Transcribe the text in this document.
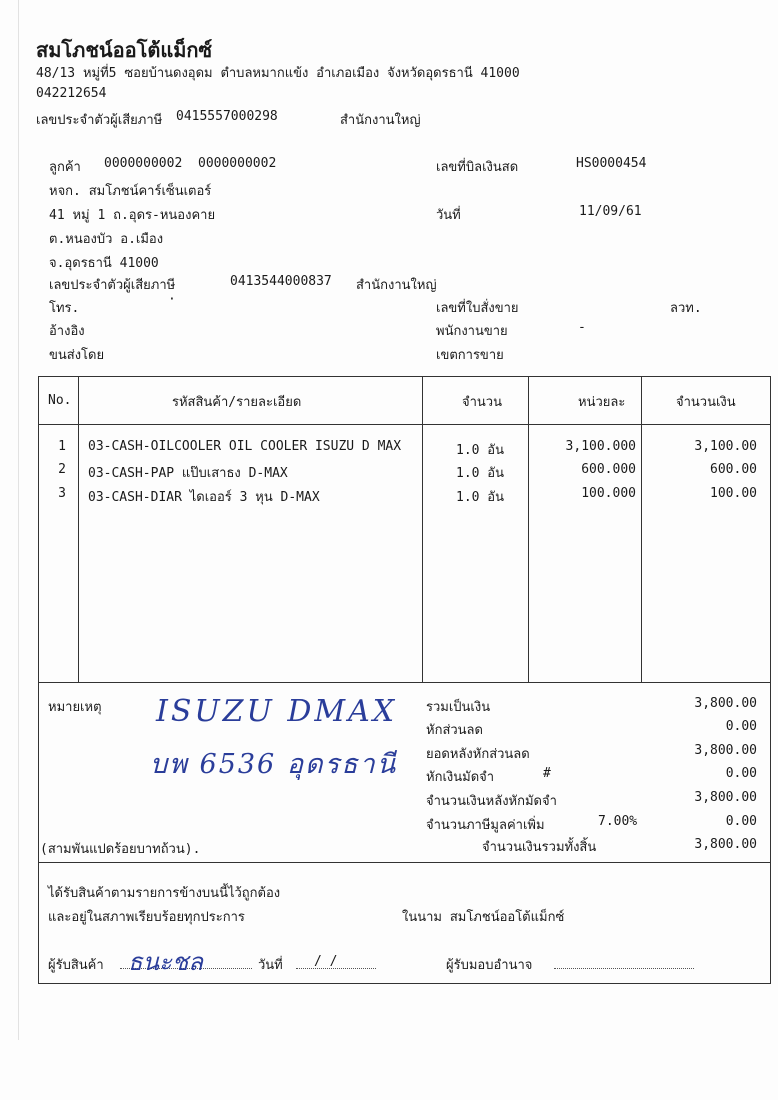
สมโภชน์ออโต้แม็กซ์
48/13 หมู่ที่5 ซอยบ้านดงอุดม ตำบลหมากแข้ง อำเภอเมือง จังหวัดอุดรธานี 41000
042212654
เลขประจำตัวผู้เสียภาษี 0415557000298	สำนักงานใหญ่
ลูกค้า 0000000002 0000000002
หจก. สมโภชน์คาร์เซ็นเตอร์
41 หมู่ 1 ถ.อุดร-หนองคาย
ต.หนองบัว อ.เมือง
จ.อุดรธานี 41000
เลขประจำตัวผู้เสียภาษี	0413544000837 สำนักงานใหญ่
โทร.
·
อ้างอิง
ขนส่งโดย
เลขที่บิลเงินสด	HS0000454
วันที่	11/09/61
เลขที่ใบสั่งขาย	ลวท.
พนักงานขาย	-
เขตการขาย
No.	รหัสสินค้า/รายละเอียด	จำนวน	หน่วยละ	จำนวนเงิน
1 03-CASH-OILCOOLER OIL COOLER ISUZU D MAX	1.0 อัน	3,100.000	3,100.00
2 03-CASH-PAP แป๊บเสาธง D-MAX	1.0 อัน	600.000	600.00
3 03-CASH-DIAR ไดเออร์ 3 หุน D-MAX	1.0 อัน	100.000	100.00
หมายเหตุ ISUZU DMAX
บพ 6536 อุดรธานี
(สามพันแปดร้อยบาทถ้วน).
รวมเป็นเงิน	3,800.00
หักส่วนลด	0.00
ยอดหลังหักส่วนลด	3,800.00
หักเงินมัดจำ	#	0.00
จำนวนเงินหลังหักมัดจำ	3,800.00
จำนวนภาษีมูลค่าเพิ่ม	7.00%	0.00
จำนวนเงินรวมทั้งสิ้น	3,800.00
ได้รับสินค้าตามรายการข้างบนนี้ไว้ถูกต้อง
และอยู่ในสภาพเรียบร้อยทุกประการ	ในนาม สมโภชน์ออโต้แม็กซ์
ผู้รับสินค้า ธนะชล	วันที่ / /	ผู้รับมอบอำนาจ
